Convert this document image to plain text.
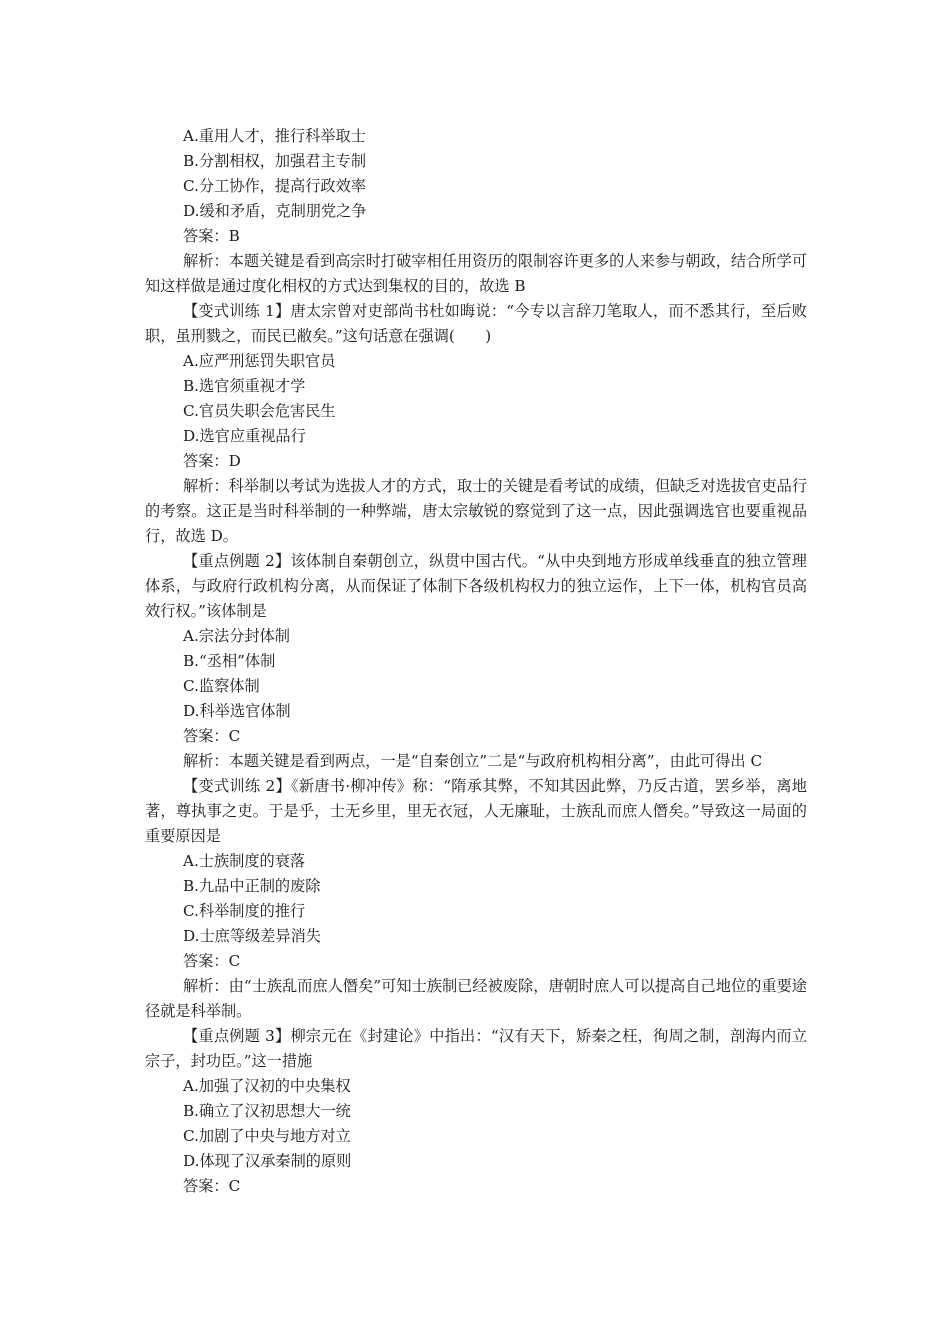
A.重用人才，推行科举取士
B.分割相权，加强君主专制
C.分工协作，提高行政效率
D.缓和矛盾，克制朋党之争
答案：B
解析：本题关键是看到高宗时打破宰相任用资历的限制容许更多的人来参与朝政，结合所学可知这样做是通过度化相权的方式达到集权的目的，故选 B
【变式训练 1】唐太宗曾对吏部尚书杜如晦说：“今专以言辞刀笔取人，而不悉其行，至后败职，虽刑戮之，而民已敝矣。”这句话意在强调(　　)
A.应严刑惩罚失职官员
B.选官须重视才学
C.官员失职会危害民生
D.选官应重视品行
答案：D
解析：科举制以考试为选拔人才的方式，取士的关键是看考试的成绩，但缺乏对选拔官吏品行的考察。这正是当时科举制的一种弊端，唐太宗敏锐的察觉到了这一点，因此强调选官也要重视品行，故选 D。
【重点例题 2】该体制自秦朝创立，纵贯中国古代。“从中央到地方形成单线垂直的独立管理体系，与政府行政机构分离，从而保证了体制下各级机构权力的独立运作，上下一体，机构官员高效行权。”该体制是
A.宗法分封体制
B.“丞相”体制
C.监察体制
D.科举选官体制
答案：C
解析：本题关键是看到两点，一是“自秦创立”二是“与政府机构相分离”，由此可得出 C
【变式训练 2】《新唐书·柳冲传》称：“隋承其弊，不知其因此弊，乃反古道，罢乡举，离地著，尊执事之吏。于是乎，士无乡里，里无衣冠，人无廉耻，士族乱而庶人僭矣。”导致这一局面的重要原因是
A.士族制度的衰落
B.九品中正制的废除
C.科举制度的推行
D.士庶等级差异消失
答案：C
解析：由“士族乱而庶人僭矣”可知士族制已经被废除，唐朝时庶人可以提高自己地位的重要途径就是科举制。
【重点例题 3】柳宗元在《封建论》中指出：“汉有天下，矫秦之枉，徇周之制，剖海内而立宗子，封功臣。”这一措施
A.加强了汉初的中央集权
B.确立了汉初思想大一统
C.加剧了中央与地方对立
D.体现了汉承秦制的原则
答案：C
